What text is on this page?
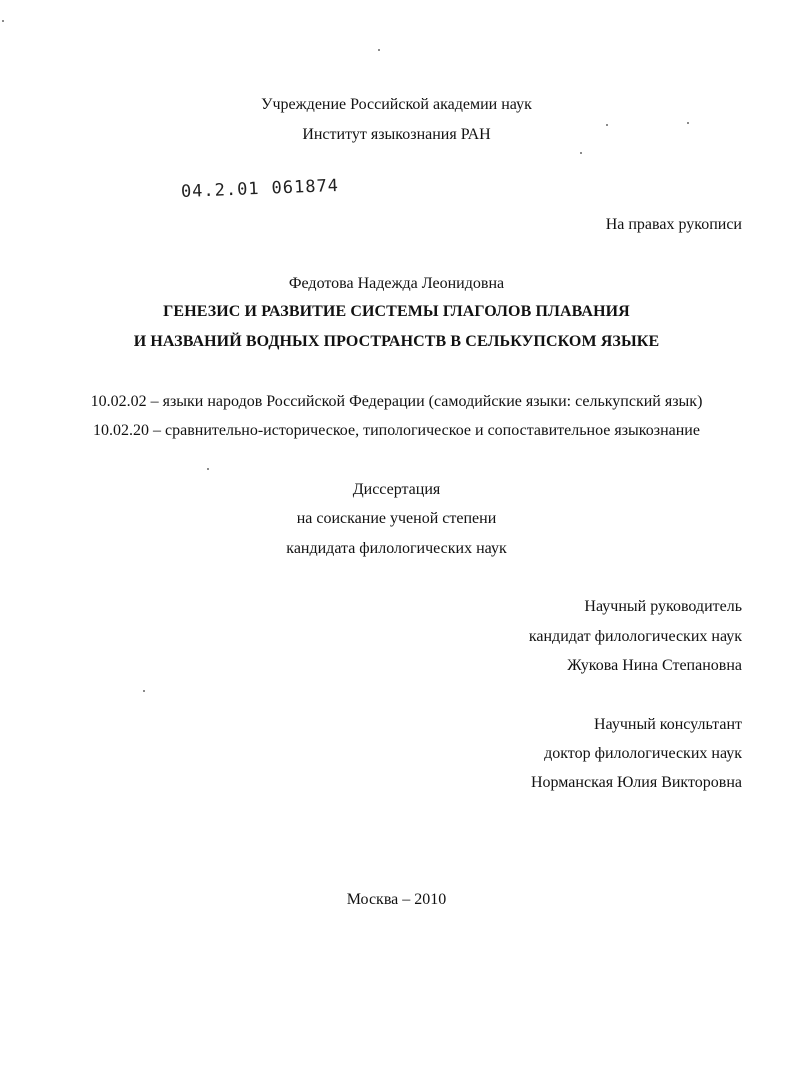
Учреждение Российской академии наук
Институт языкознания РАН
04.2.01 061874
На правах рукописи
Федотова Надежда Леонидовна
ГЕНЕЗИС И РАЗВИТИЕ СИСТЕМЫ ГЛАГОЛОВ ПЛАВАНИЯ
И НАЗВАНИЙ ВОДНЫХ ПРОСТРАНСТВ В СЕЛЬКУПСКОМ ЯЗЫКЕ
10.02.02 – языки народов Российской Федерации (самодийские языки: селькупский язык)
10.02.20 – сравнительно-историческое, типологическое и сопоставительное языкознание
Диссертация
на соискание ученой степени
кандидата филологических наук
Научный руководитель
кандидат филологических наук
Жукова Нина Степановна
Научный консультант
доктор филологических наук
Норманская Юлия Викторовна
Москва – 2010
